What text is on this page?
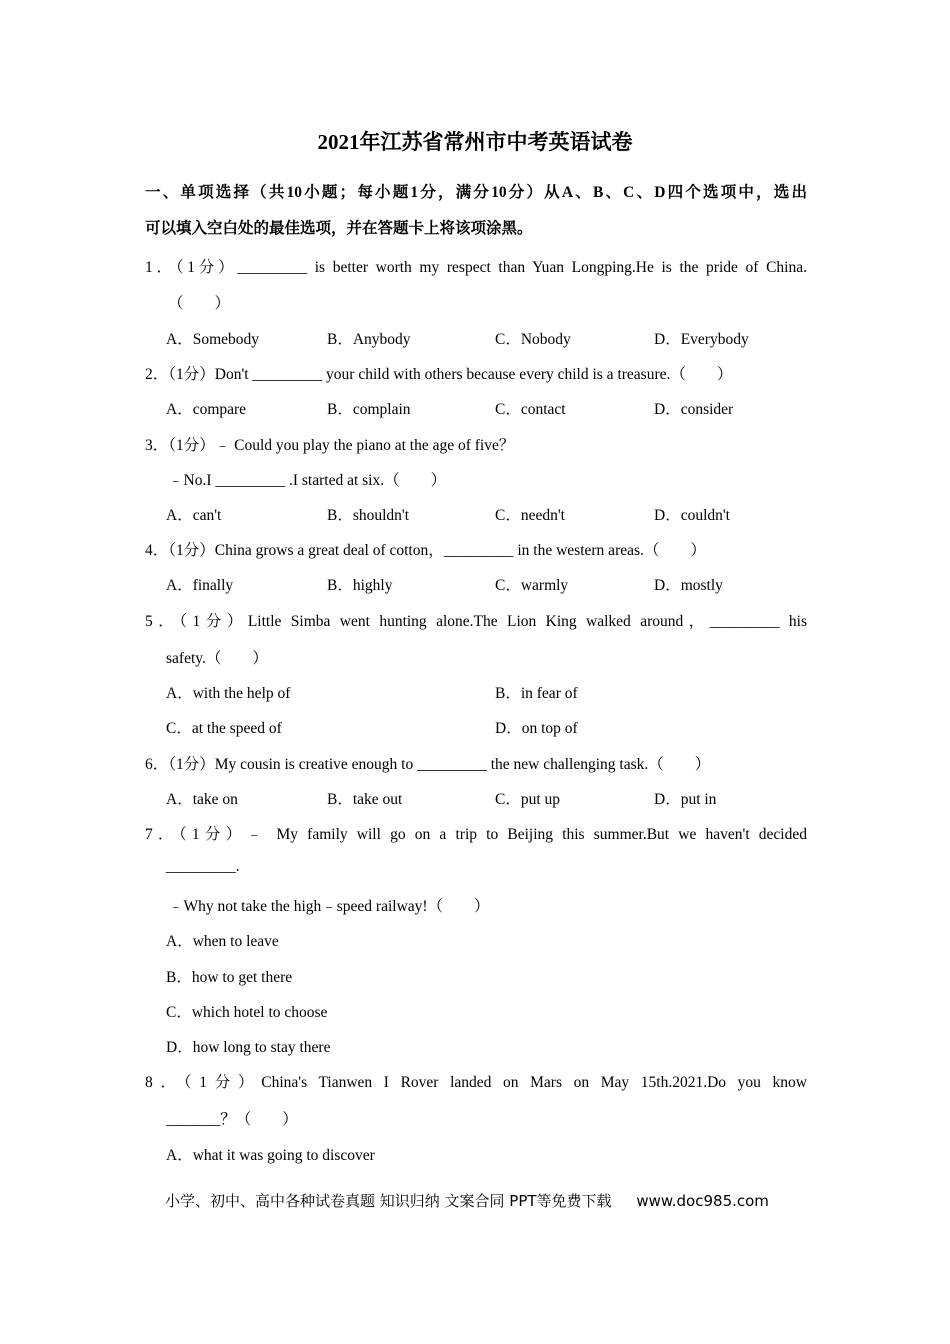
2021年江苏省常州市中考英语试卷
一、单项选择（共10小题；每小题1分，满分10分）从A、B、C、D四个选项中，选出
可以填入空白处的最佳选项，并在答题卡上将该项涂黑。
1．（1分）_________ is better worth my respect than Yuan Longping.He is the pride of China.
（　　）
A．Somebody	B．Anybody	C．Nobody	D．Everybody
2．（1分）Don't _________ your child with others because every child is a treasure.（　　）
A．compare	B．complain	C．contact	D．consider
3．（1分）﹣ Could you play the piano at the age of five？
﹣No.I _________ .I started at six.（　　）
A．can't	B．shouldn't	C．needn't	D．couldn't
4．（1分）China grows a great deal of cotton，_________ in the western areas.（　　）
A．finally	B．highly	C．warmly	D．mostly
5．（1分）Little Simba went hunting alone.The Lion King walked around，_________ his
safety.（　　）
A．with the help of	B．in fear of
C．at the speed of	D．on top of
6．（1分）My cousin is creative enough to _________ the new challenging task.（　　）
A．take on	B．take out	C．put up	D．put in
7．（1分）﹣ My family will go on a trip to Beijing this summer.But we haven't decided
_________.
﹣Why not take the high﹣speed railway!（　　）
A．when to leave
B．how to get there
C．which hotel to choose
D．how long to stay there
8．（1分）China's Tianwen I Rover landed on Mars on May 15th.2021.Do you know
_______？（　　）
A．what it was going to discover
小学、初中、高中各种试卷真题 知识归纳 文案合同 PPT等免费下载 www.doc985.com
